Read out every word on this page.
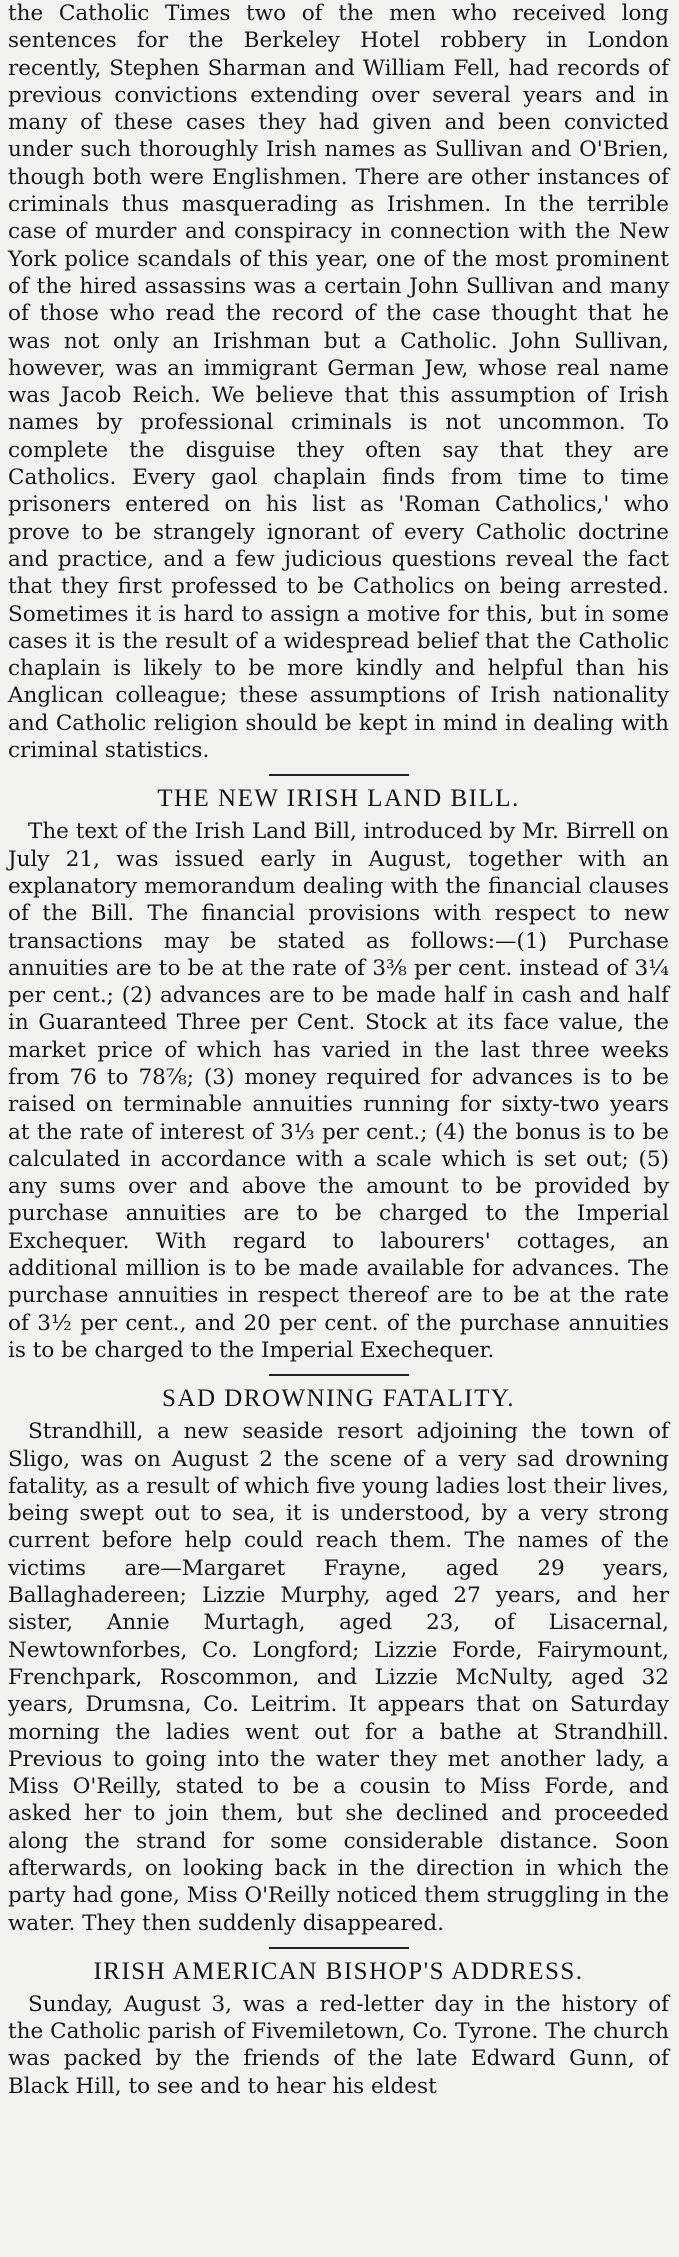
the Catholic Times two of the men who received long sentences for the Berkeley Hotel robbery in London recently, Stephen Sharman and William Fell, had records of previous convictions extending over several years and in many of these cases they had given and been convicted under such thoroughly Irish names as Sullivan and O'Brien, though both were Englishmen. There are other instances of criminals thus masquerading as Irishmen. In the terrible case of murder and conspiracy in connection with the New York police scandals of this year, one of the most prominent of the hired assassins was a certain John Sullivan and many of those who read the record of the case thought that he was not only an Irishman but a Catholic. John Sullivan, however, was an immigrant German Jew, whose real name was Jacob Reich. We believe that this assumption of Irish names by professional criminals is not uncommon. To complete the disguise they often say that they are Catholics. Every gaol chaplain finds from time to time prisoners entered on his list as 'Roman Catholics,' who prove to be strangely ignorant of every Catholic doctrine and practice, and a few judicious questions reveal the fact that they first professed to be Catholics on being arrested. Sometimes it is hard to assign a motive for this, but in some cases it is the result of a widespread belief that the Catholic chaplain is likely to be more kindly and helpful than his Anglican colleague; these assumptions of Irish nationality and Catholic religion should be kept in mind in dealing with criminal statistics.

THE NEW IRISH LAND BILL.

The text of the Irish Land Bill, introduced by Mr. Birrell on July 21, was issued early in August, together with an explanatory memorandum dealing with the financial clauses of the Bill. The financial provisions with respect to new transactions may be stated as follows:—(1) Purchase annuities are to be at the rate of 3⅜ per cent. instead of 3¼ per cent.; (2) advances are to be made half in cash and half in Guaranteed Three per Cent. Stock at its face value, the market price of which has varied in the last three weeks from 76 to 78⅞; (3) money required for advances is to be raised on terminable annuities running for sixty-two years at the rate of interest of 3⅓ per cent.; (4) the bonus is to be calculated in accordance with a scale which is set out; (5) any sums over and above the amount to be provided by purchase annuities are to be charged to the Imperial Exchequer. With regard to labourers' cottages, an additional million is to be made available for advances. The purchase annuities in respect thereof are to be at the rate of 3½ per cent., and 20 per cent. of the purchase annuities is to be charged to the Imperial Exechequer.

SAD DROWNING FATALITY.

Strandhill, a new seaside resort adjoining the town of Sligo, was on August 2 the scene of a very sad drowning fatality, as a result of which five young ladies lost their lives, being swept out to sea, it is understood, by a very strong current before help could reach them. The names of the victims are—Margaret Frayne, aged 29 years, Ballaghadereen; Lizzie Murphy, aged 27 years, and her sister, Annie Murtagh, aged 23, of Lisacernal, Newtownforbes, Co. Longford; Lizzie Forde, Fairymount, Frenchpark, Roscommon, and Lizzie McNulty, aged 32 years, Drumsna, Co. Leitrim. It appears that on Saturday morning the ladies went out for a bathe at Strandhill. Previous to going into the water they met another lady, a Miss O'Reilly, stated to be a cousin to Miss Forde, and asked her to join them, but she declined and proceeded along the strand for some considerable distance. Soon afterwards, on looking back in the direction in which the party had gone, Miss O'Reilly noticed them struggling in the water. They then suddenly disappeared.

IRISH AMERICAN BISHOP'S ADDRESS.

Sunday, August 3, was a red-letter day in the history of the Catholic parish of Fivemiletown, Co. Tyrone. The church was packed by the friends of the late Edward Gunn, of Black Hill, to see and to hear his eldest
